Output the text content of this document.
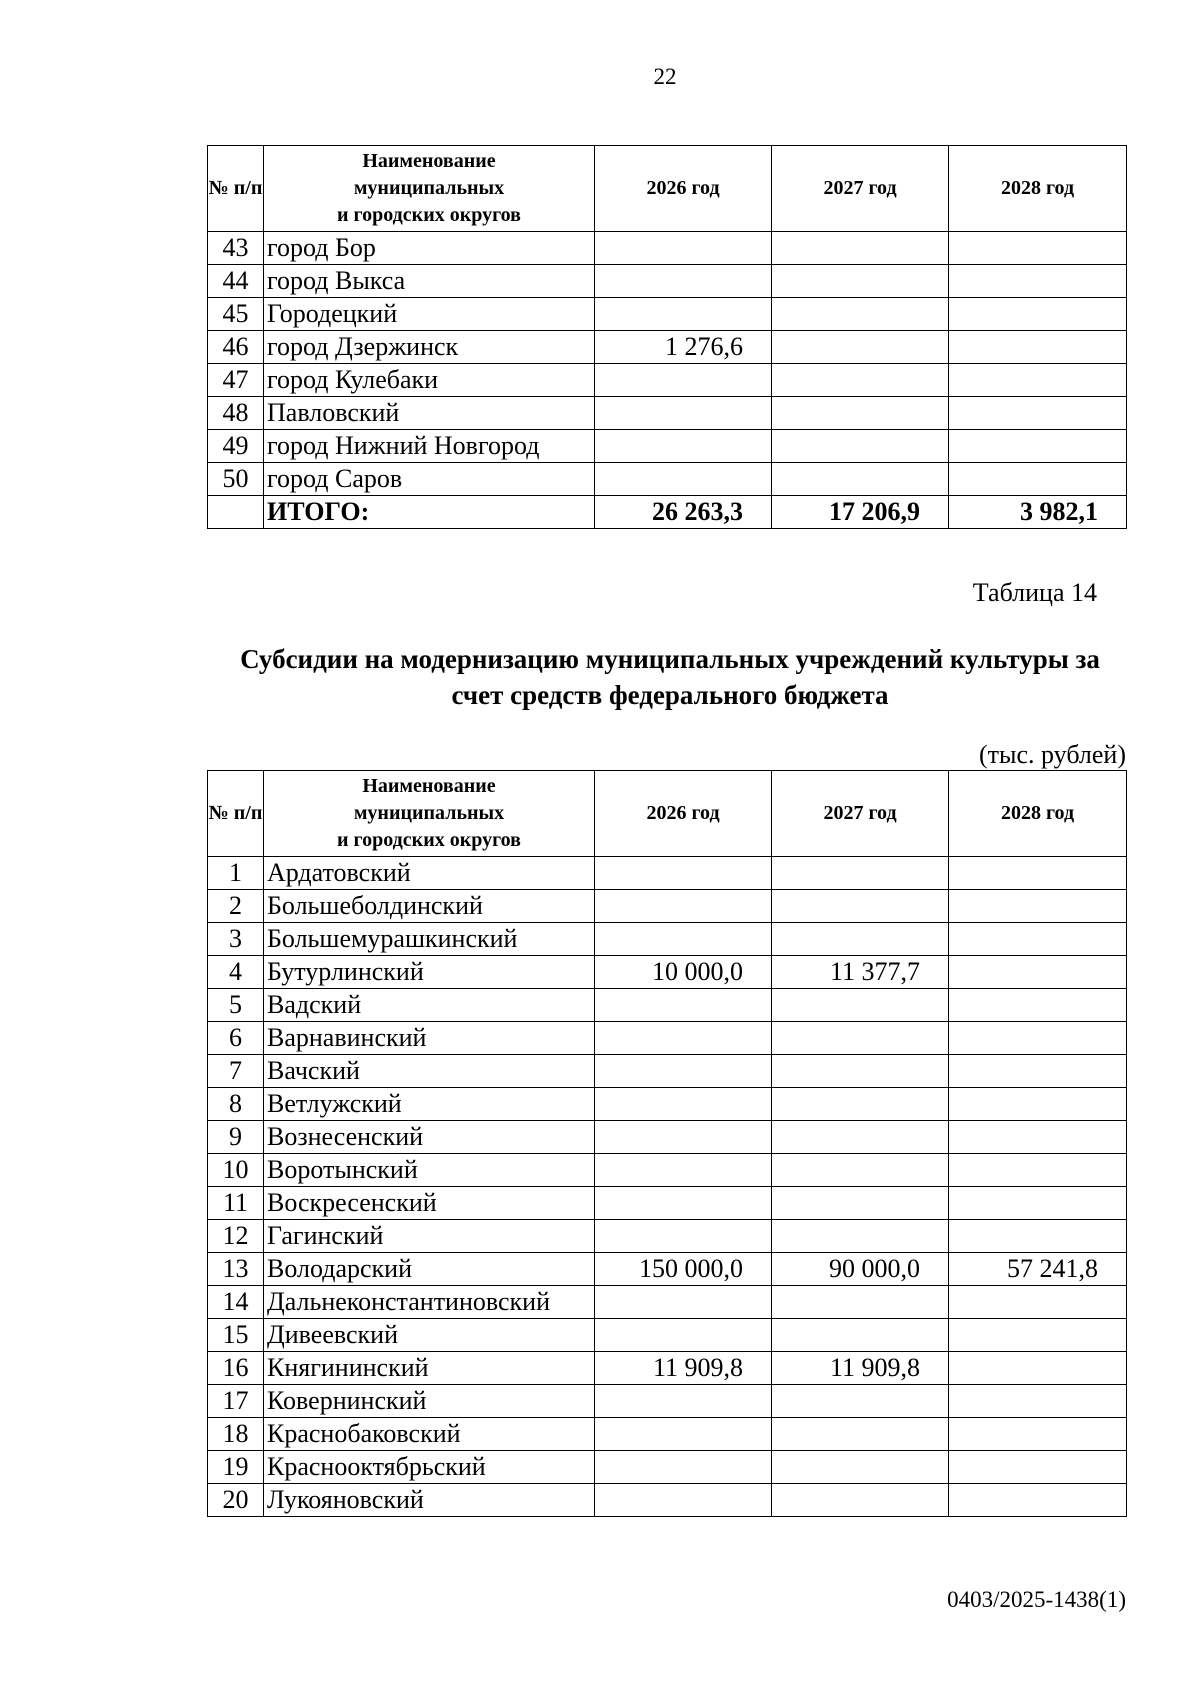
22
№ п/п	Наименование
муниципальных
и городских округов	2026 год	2027 год	2028 год
43	город Бор			
44	город Выкса			
45	Городецкий			
46	город Дзержинск	1 276,6		
47	город Кулебаки			
48	Павловский			
49	город Нижний Новгород			
50	город Саров			
	ИТОГО:	26 263,3	17 206,9	3 982,1
Таблица 14
Субсидии на модернизацию муниципальных учреждений культуры за
счет средств федерального бюджета
(тыс. рублей)
№ п/п	Наименование
муниципальных
и городских округов	2026 год	2027 год	2028 год
1	Ардатовский			
2	Большеболдинский			
3	Большемурашкинский			
4	Бутурлинский	10 000,0	11 377,7	
5	Вадский			
6	Варнавинский			
7	Вачский			
8	Ветлужский			
9	Вознесенский			
10	Воротынский			
11	Воскресенский			
12	Гагинский			
13	Володарский	150 000,0	90 000,0	57 241,8
14	Дальнеконстантиновский			
15	Дивеевский			
16	Княгининский	11 909,8	11 909,8	
17	Ковернинский			
18	Краснобаковский			
19	Краснооктябрьский			
20	Лукояновский			
0403/2025-1438(1)
